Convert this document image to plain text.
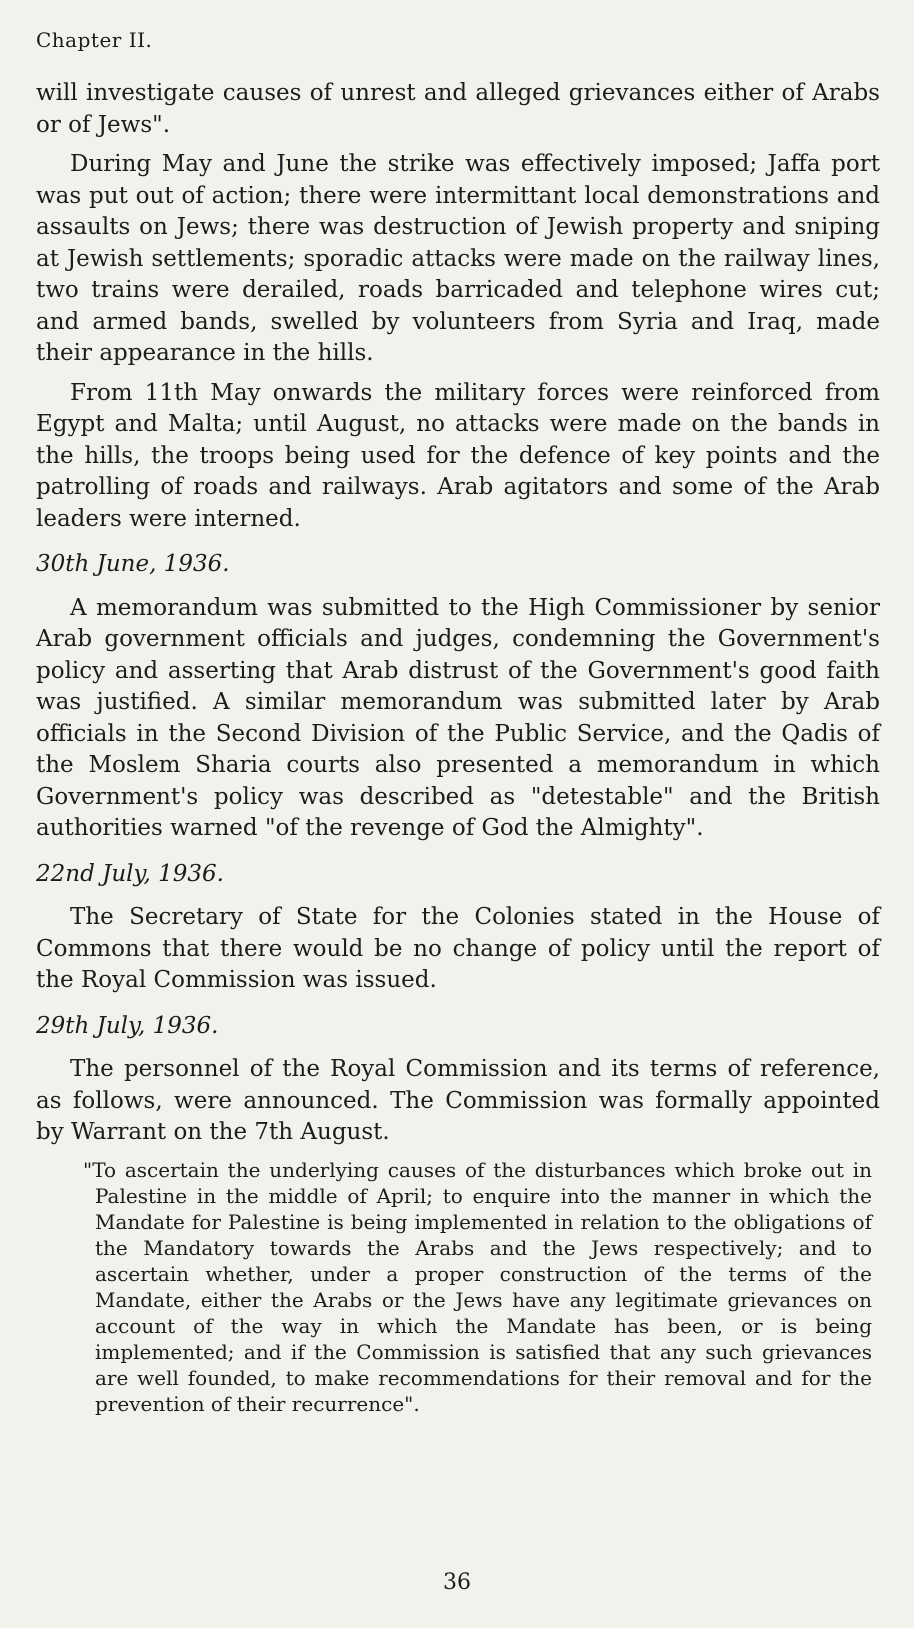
Chapter II.

will investigate causes of unrest and alleged grievances either of Arabs or of Jews".

During May and June the strike was effectively imposed; Jaffa port was put out of action; there were intermittant local demonstrations and assaults on Jews; there was destruction of Jewish property and sniping at Jewish settlements; sporadic attacks were made on the railway lines, two trains were derailed, roads barricaded and telephone wires cut; and armed bands, swelled by volunteers from Syria and Iraq, made their appearance in the hills.

From 11th May onwards the military forces were reinforced from Egypt and Malta; until August, no attacks were made on the bands in the hills, the troops being used for the defence of key points and the patrolling of roads and railways. Arab agitators and some of the Arab leaders were interned.

30th June, 1936.

A memorandum was submitted to the High Commissioner by senior Arab government officials and judges, condemning the Government's policy and asserting that Arab distrust of the Government's good faith was justified. A similar memorandum was submitted later by Arab officials in the Second Division of the Public Service, and the Qadis of the Moslem Sharia courts also presented a memorandum in which Government's policy was described as "detestable" and the British authorities warned "of the revenge of God the Almighty".

22nd July, 1936.

The Secretary of State for the Colonies stated in the House of Commons that there would be no change of policy until the report of the Royal Commission was issued.

29th July, 1936.

The personnel of the Royal Commission and its terms of reference, as follows, were announced. The Commission was formally appointed by Warrant on the 7th August.

"To ascertain the underlying causes of the disturbances which broke out in Palestine in the middle of April; to enquire into the manner in which the Mandate for Palestine is being implemented in relation to the obligations of the Mandatory towards the Arabs and the Jews respectively; and to ascertain whether, under a proper construction of the terms of the Mandate, either the Arabs or the Jews have any legitimate grievances on account of the way in which the Mandate has been, or is being implemented; and if the Commission is satisfied that any such grievances are well founded, to make recommendations for their removal and for the prevention of their recurrence".

36
